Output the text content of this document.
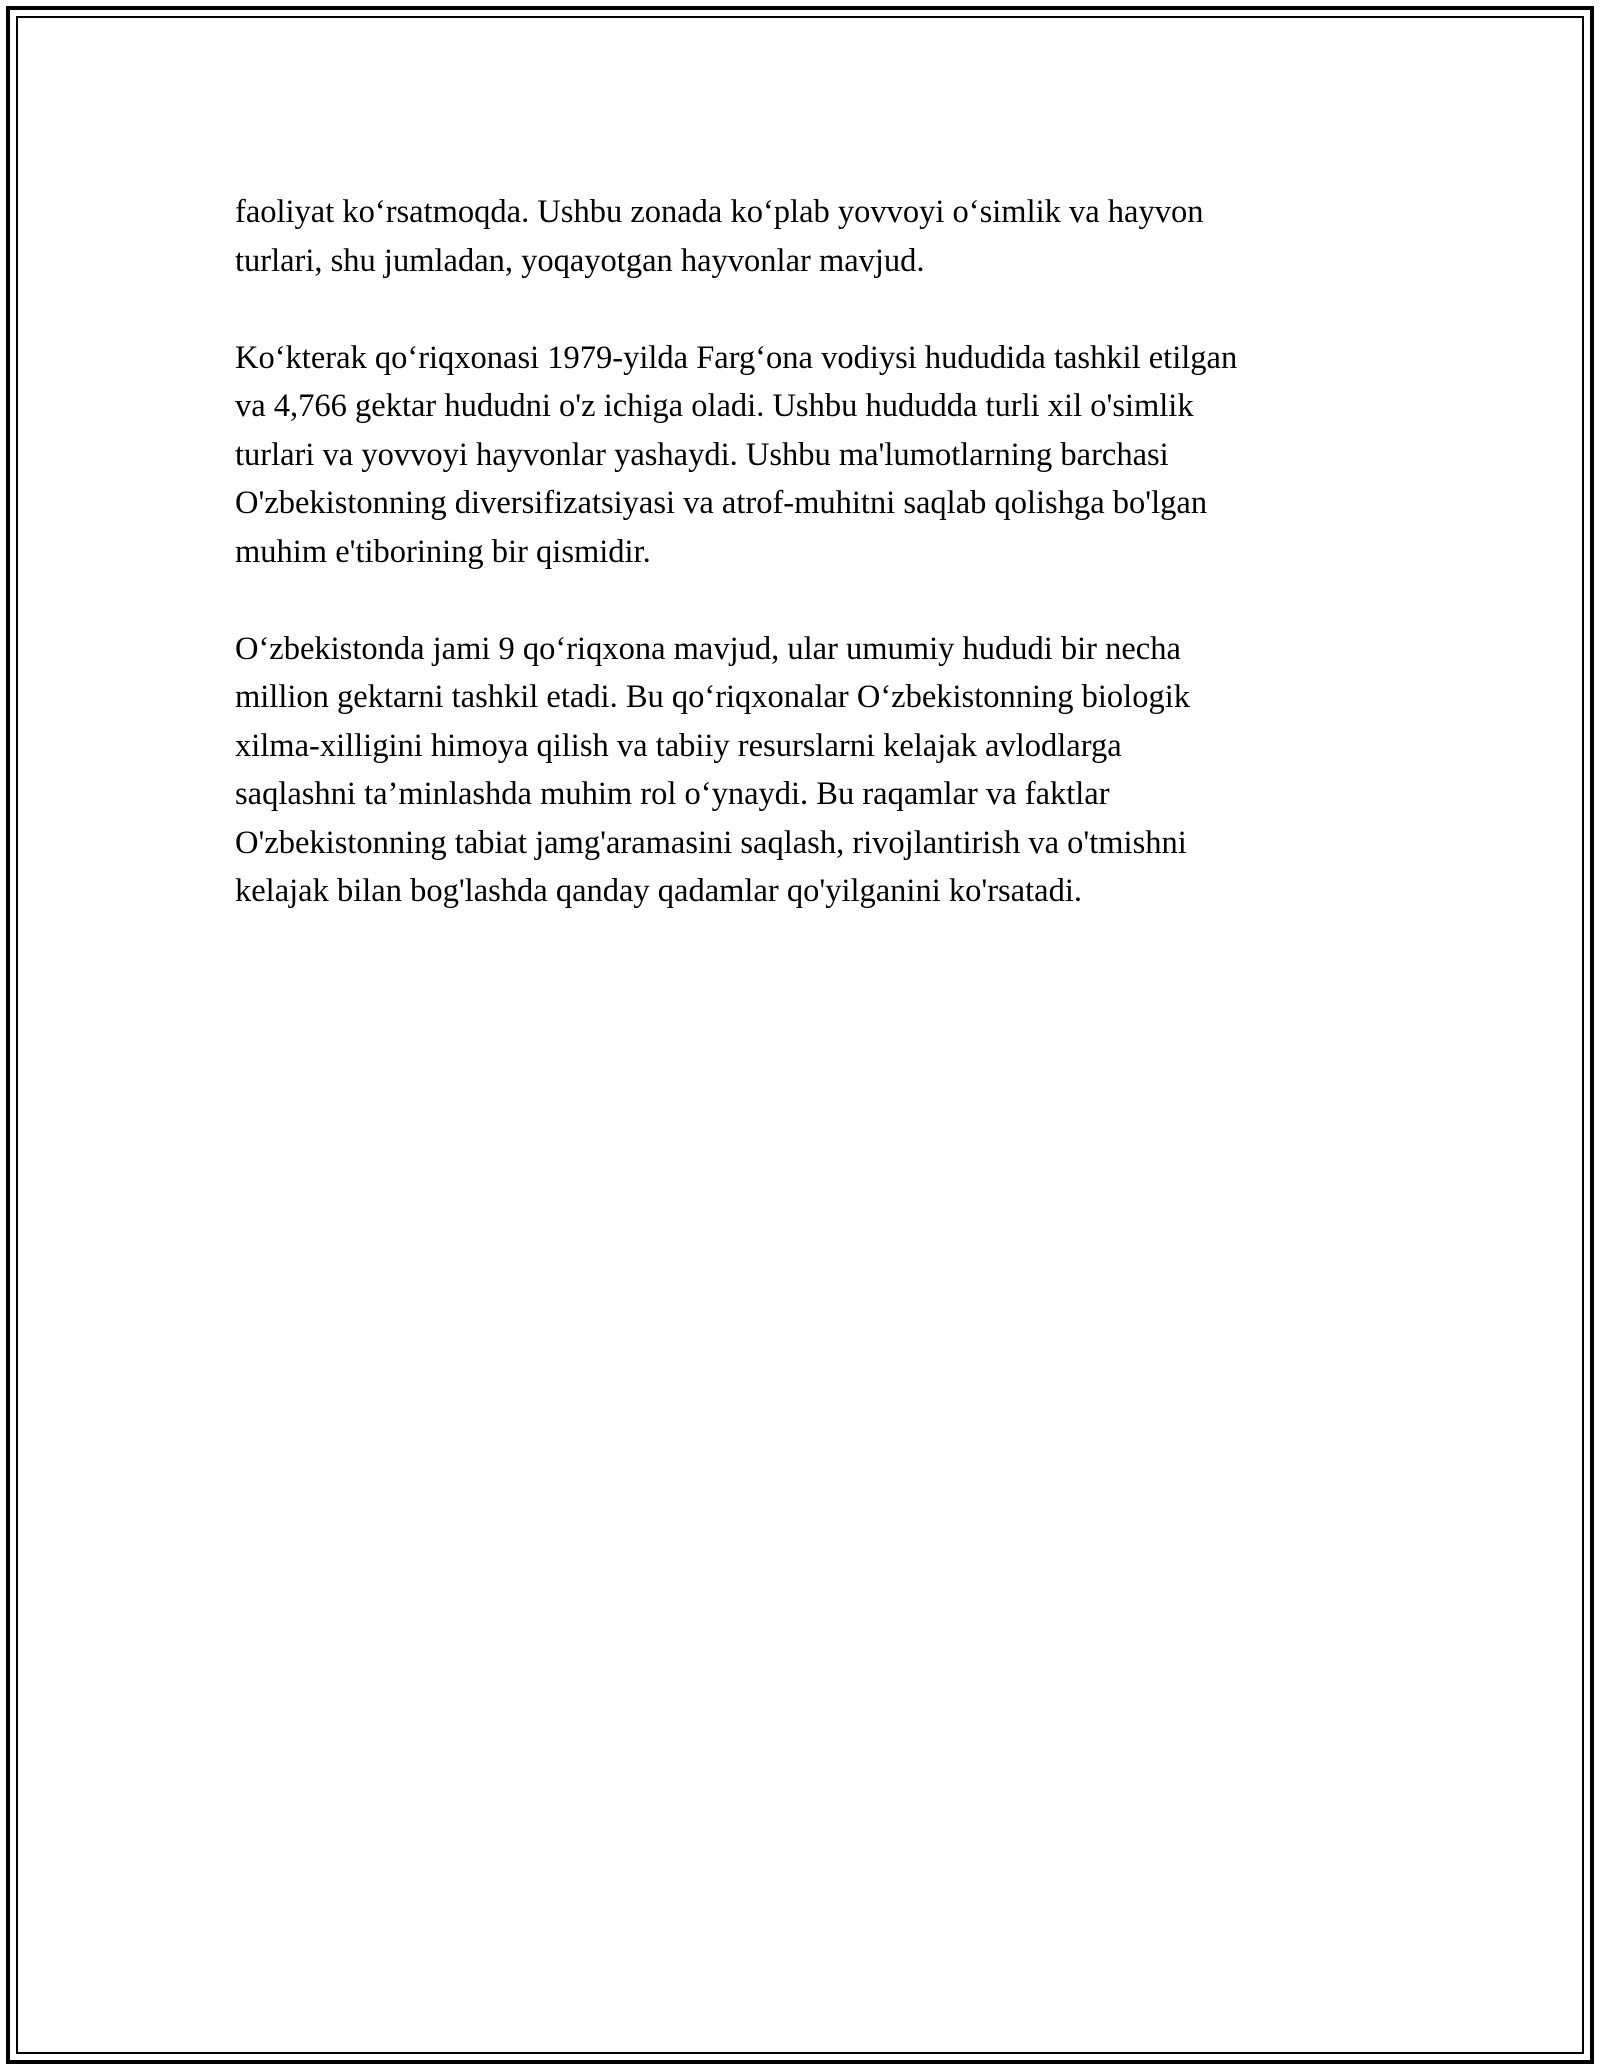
faoliyat ko‘rsatmoqda. Ushbu zonada ko‘plab yovvoyi o‘simlik va hayvon
turlari, shu jumladan, yoqayotgan hayvonlar mavjud.

Ko‘kterak qo‘riqxonasi 1979-yilda Farg‘ona vodiysi hududida tashkil etilgan
va 4,766 gektar hududni o'z ichiga oladi. Ushbu hududda turli xil o'simlik
turlari va yovvoyi hayvonlar yashaydi. Ushbu ma'lumotlarning barchasi
O'zbekistonning diversifizatsiyasi va atrof-muhitni saqlab qolishga bo'lgan
muhim e'tiborining bir qismidir.

O‘zbekistonda jami 9 qo‘riqxona mavjud, ular umumiy hududi bir necha
million gektarni tashkil etadi. Bu qo‘riqxonalar O‘zbekistonning biologik
xilma-xilligini himoya qilish va tabiiy resurslarni kelajak avlodlarga
saqlashni ta’minlashda muhim rol o‘ynaydi. Bu raqamlar va faktlar
O'zbekistonning tabiat jamg'aramasini saqlash, rivojlantirish va o'tmishni
kelajak bilan bog'lashda qanday qadamlar qo'yilganini ko'rsatadi.
